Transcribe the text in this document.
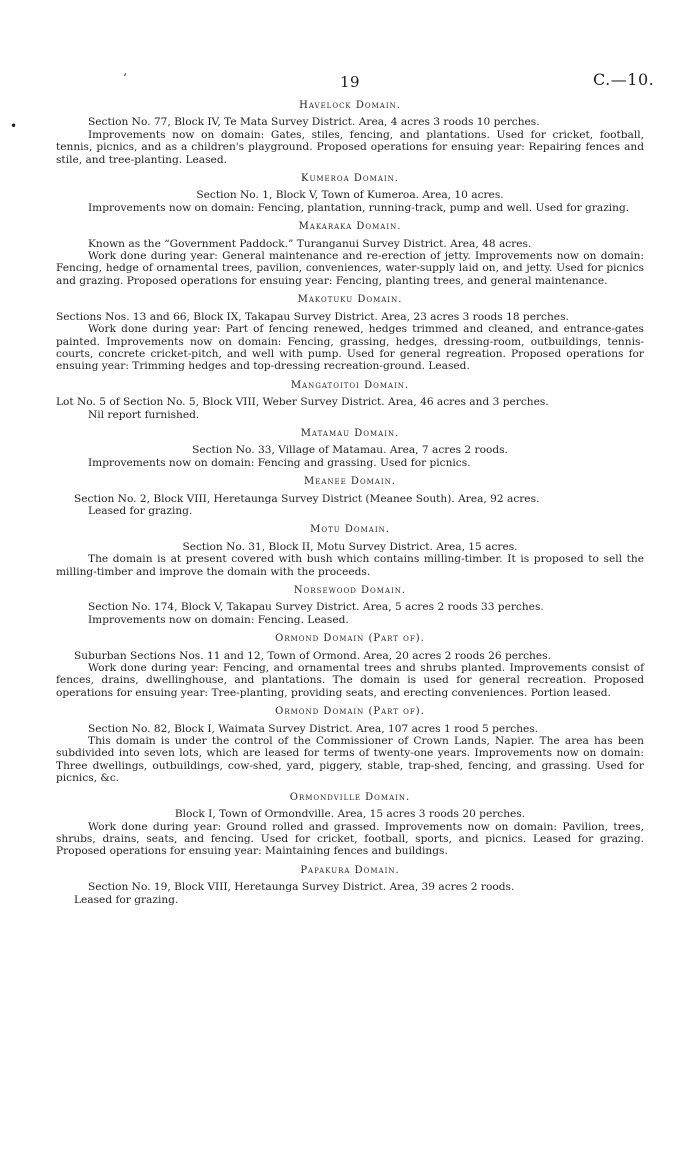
19	C.—10.
‘
•
Havelock Domain.
Section No. 77, Block IV, Te Mata Survey District. Area, 4 acres 3 roods 10 perches.
Improvements now on domain: Gates, stiles, fencing, and plantations. Used for cricket, football, tennis, picnics, and as a children's playground. Proposed operations for ensuing year: Repairing fences and stile, and tree-planting. Leased.
Kumeroa Domain.
Section No. 1, Block V, Town of Kumeroa. Area, 10 acres.
Improvements now on domain: Fencing, plantation, running-track, pump and well. Used for grazing.
Makaraka Domain.
Known as the “Government Paddock.” Turanganui Survey District. Area, 48 acres.
Work done during year: General maintenance and re-erection of jetty. Improvements now on domain: Fencing, hedge of ornamental trees, pavilion, conveniences, water-supply laid on, and jetty. Used for picnics and grazing. Proposed operations for ensuing year: Fencing, planting trees, and general maintenance.
Makotuku Domain.
Sections Nos. 13 and 66, Block IX, Takapau Survey District. Area, 23 acres 3 roods 18 perches.
Work done during year: Part of fencing renewed, hedges trimmed and cleaned, and entrance-gates painted. Improvements now on domain: Fencing, grassing, hedges, dressing-room, outbuildings, tennis-courts, concrete cricket-pitch, and well with pump. Used for general regreation. Proposed operations for ensuing year: Trimming hedges and top-dressing recreation-ground. Leased.
Mangatoitoi Domain.
Lot No. 5 of Section No. 5, Block VIII, Weber Survey District. Area, 46 acres and 3 perches.
Nil report furnished.
Matamau Domain.
Section No. 33, Village of Matamau. Area, 7 acres 2 roods.
Improvements now on domain: Fencing and grassing. Used for picnics.
Meanee Domain.
Section No. 2, Block VIII, Heretaunga Survey District (Meanee South). Area, 92 acres.
Leased for grazing.
Motu Domain.
Section No. 31, Block II, Motu Survey District. Area, 15 acres.
The domain is at present covered with bush which contains milling-timber. It is proposed to sell the milling-timber and improve the domain with the proceeds.
Norsewood Domain.
Section No. 174, Block V, Takapau Survey District. Area, 5 acres 2 roods 33 perches.
Improvements now on domain: Fencing. Leased.
Ormond Domain (Part of).
Suburban Sections Nos. 11 and 12, Town of Ormond. Area, 20 acres 2 roods 26 perches.
Work done during year: Fencing, and ornamental trees and shrubs planted. Improvements consist of fences, drains, dwellinghouse, and plantations. The domain is used for general recreation. Proposed operations for ensuing year: Tree-planting, providing seats, and erecting conveniences. Portion leased.
Ormond Domain (Part of).
Section No. 82, Block I, Waimata Survey District. Area, 107 acres 1 rood 5 perches.
This domain is under the control of the Commissioner of Crown Lands, Napier. The area has been subdivided into seven lots, which are leased for terms of twenty-one years. Improvements now on domain: Three dwellings, outbuildings, cow-shed, yard, piggery, stable, trap-shed, fencing, and grassing. Used for picnics, &c.
Ormondville Domain.
Block I, Town of Ormondville. Area, 15 acres 3 roods 20 perches.
Work done during year: Ground rolled and grassed. Improvements now on domain: Pavilion, trees, shrubs, drains, seats, and fencing. Used for cricket, football, sports, and picnics. Leased for grazing. Proposed operations for ensuing year: Maintaining fences and buildings.
Papakura Domain.
Section No. 19, Block VIII, Heretaunga Survey District. Area, 39 acres 2 roods.
Leased for grazing.
